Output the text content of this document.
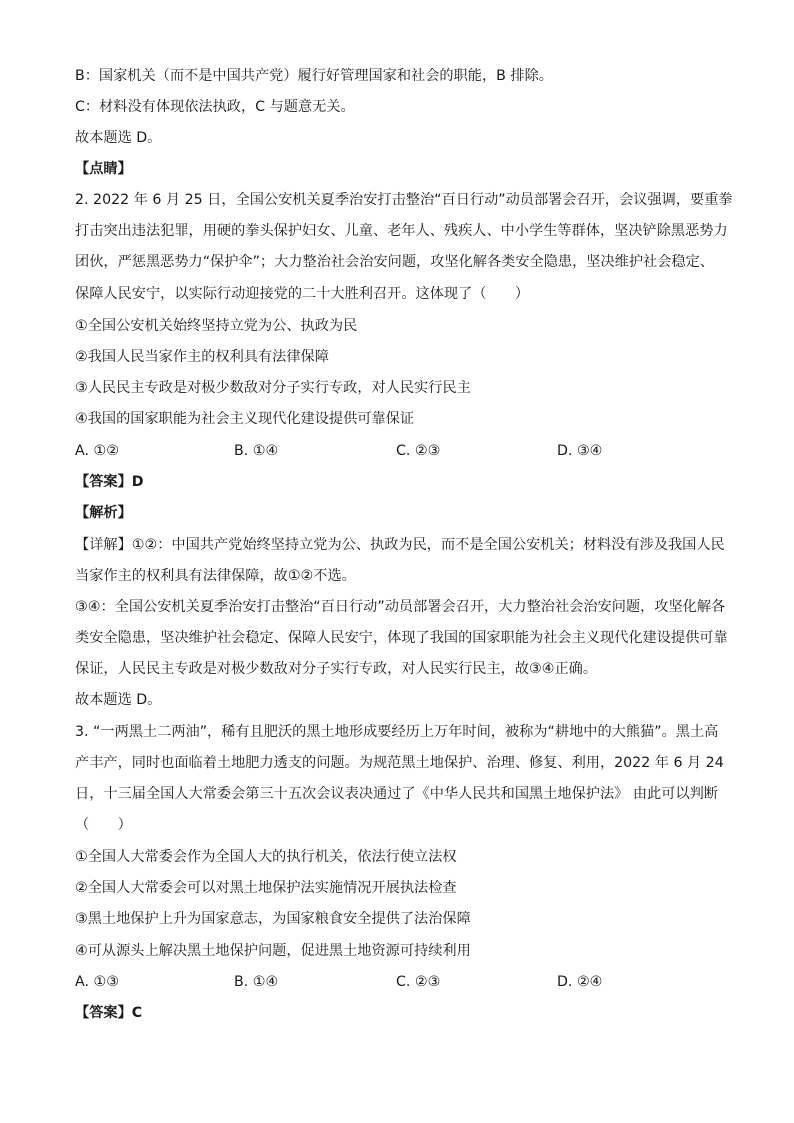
B：国家机关（而不是中国共产党）履行好管理国家和社会的职能，B 排除。
C：材料没有体现依法执政，C 与题意无关。
故本题选 D。
【点睛】
2. 2022 年 6 月 25 日，全国公安机关夏季治安打击整治“百日行动”动员部署会召开，会议强调，要重拳
打击突出违法犯罪，用硬的拳头保护妇女、儿童、老年人、残疾人、中小学生等群体，坚决铲除黑恶势力
团伙，严惩黑恶势力“保护伞”；大力整治社会治安问题，攻坚化解各类安全隐患，坚决维护社会稳定、
保障人民安宁，以实际行动迎接党的二十大胜利召开。这体现了（　　）
①全国公安机关始终坚持立党为公、执政为民
②我国人民当家作主的权利具有法律保障
③人民民主专政是对极少数敌对分子实行专政，对人民实行民主
④我国的国家职能为社会主义现代化建设提供可靠保证
A. ①②	B. ①④	C. ②③	D. ③④
【答案】D
【解析】
【详解】①②：中国共产党始终坚持立党为公、执政为民，而不是全国公安机关；材料没有涉及我国人民
当家作主的权利具有法律保障，故①②不选。
③④：全国公安机关夏季治安打击整治“百日行动”动员部署会召开，大力整治社会治安问题，攻坚化解各
类安全隐患，坚决维护社会稳定、保障人民安宁，体现了我国的国家职能为社会主义现代化建设提供可靠
保证，人民民主专政是对极少数敌对分子实行专政，对人民实行民主，故③④正确。
故本题选 D。
3. “一两黑土二两油”，稀有且肥沃的黑土地形成要经历上万年时间，被称为“耕地中的大熊猫”。黑土高
产丰产，同时也面临着土地肥力透支的问题。为规范黑土地保护、治理、修复、利用，2022 年 6 月 24
日，十三届全国人大常委会第三十五次会议表决通过了《中华人民共和国黑土地保护法》 由此可以判断
（　　）
①全国人大常委会作为全国人大的执行机关，依法行使立法权
②全国人大常委会可以对黑土地保护法实施情况开展执法检查
③黑土地保护上升为国家意志，为国家粮食安全提供了法治保障
④可从源头上解决黑土地保护问题，促进黑土地资源可持续利用
A. ①③	B. ①④	C. ②③	D. ②④
【答案】C
